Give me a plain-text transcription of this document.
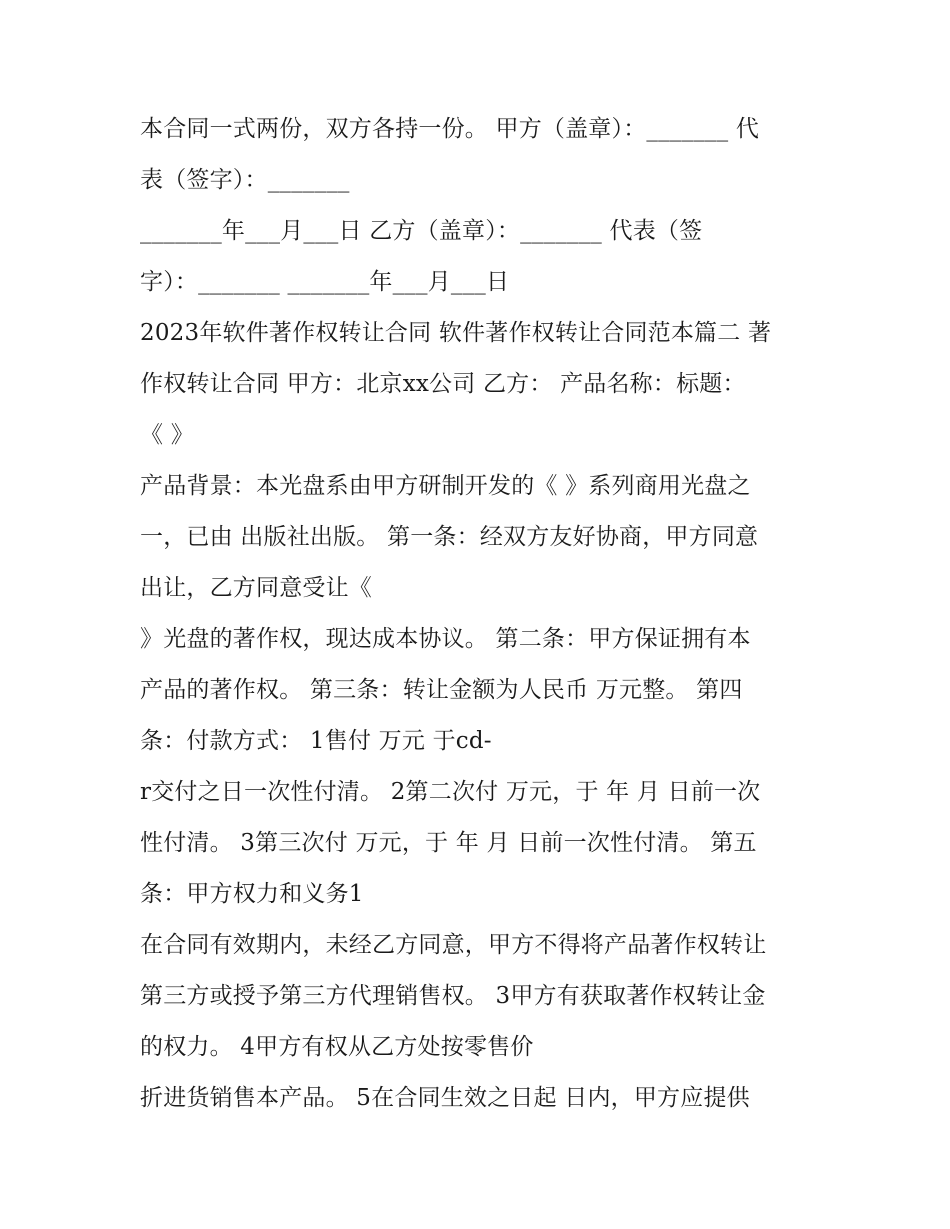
本合同一式两份，双方各持一份。 甲方（盖章）：_______ 代
表（签字）：_______
_______年___月___日 乙方（盖章）：_______ 代表（签
字）：_______ _______年___月___日
2023年软件著作权转让合同 软件著作权转让合同范本篇二 著
作权转让合同 甲方：北京xx公司 乙方： 产品名称：标题：
《 》
产品背景：本光盘系由甲方研制开发的《 》系列商用光盘之
一，已由 出版社出版。 第一条：经双方友好协商，甲方同意
出让，乙方同意受让《
》光盘的著作权，现达成本协议。 第二条：甲方保证拥有本
产品的著作权。 第三条：转让金额为人民币 万元整。 第四
条：付款方式： 1售付 万元 于cd-
r交付之日一次性付清。 2第二次付 万元，于 年 月 日前一次
性付清。 3第三次付 万元，于 年 月 日前一次性付清。 第五
条：甲方权力和义务1
在合同有效期内，未经乙方同意，甲方不得将产品著作权转让
第三方或授予第三方代理销售权。 3甲方有获取著作权转让金
的权力。 4甲方有权从乙方处按零售价
折进货销售本产品。 5在合同生效之日起 日内，甲方应提供
